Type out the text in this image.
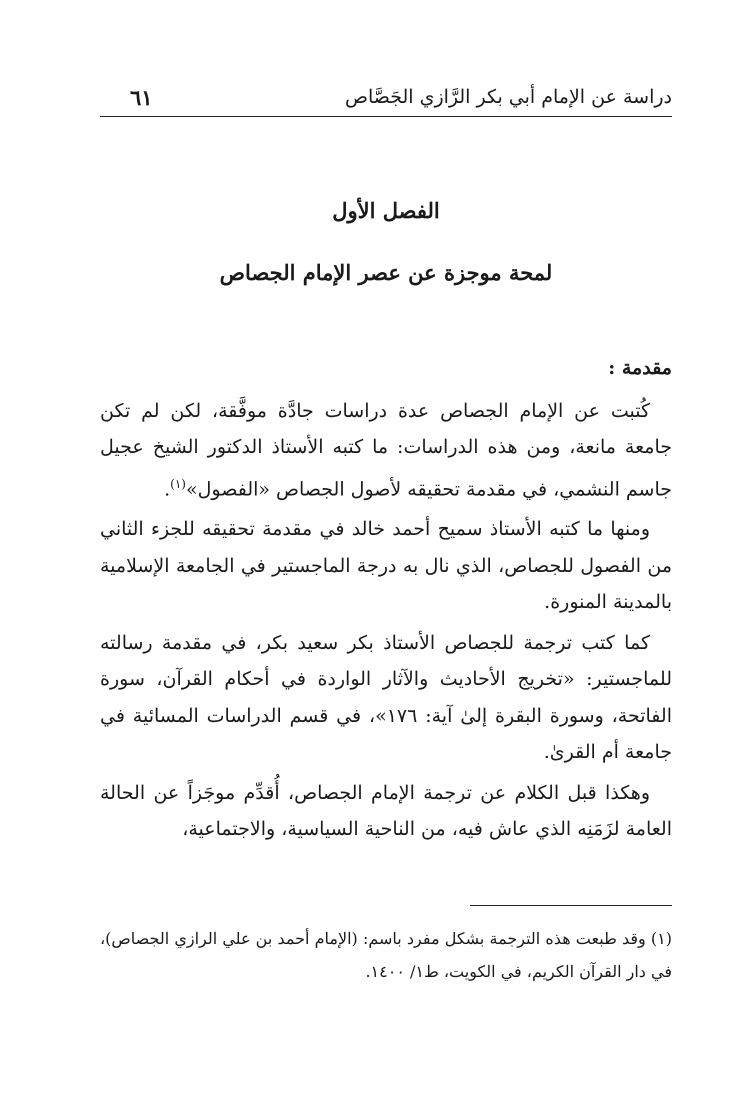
دراسة عن الإمام أبي بكر الرَّازي الجَصَّاص
٦١
الفصل الأول
لمحة موجزة عن عصر الإمام الجصاص
مقدمة :

كُتبت عن الإمام الجصاص عدة دراسات جادَّة موفَّقة، لكن لم تكن جامعة مانعة، ومن هذه الدراسات: ما كتبه الأستاذ الدكتور الشيخ عجيل جاسم النشمي، في مقدمة تحقيقه لأصول الجصاص «الفصول»$^{(١)}$.

ومنها ما كتبه الأستاذ سميح أحمد خالد في مقدمة تحقيقه للجزء الثاني من الفصول للجصاص، الذي نال به درجة الماجستير في الجامعة الإسلامية بالمدينة المنورة.

كما كتب ترجمة للجصاص الأستاذ بكر سعيد بكر، في مقدمة رسالته للماجستير: «تخريج الأحاديث والآثار الواردة في أحكام القرآن، سورة الفاتحة، وسورة البقرة إلىٰ آية: ١٧٦»، في قسم الدراسات المسائية في جامعة أم القرىٰ.

وهكذا قبل الكلام عن ترجمة الإمام الجصاص، أُقدِّم موجَزاً عن الحالة العامة لزَمَنِه الذي عاش فيه، من الناحية السياسية، والاجتماعية،

(١) وقد طبعت هذه الترجمة بشكل مفرد باسم: (الإمام أحمد بن علي الرازي الجصاص)، في دار القرآن الكريم، في الكويت، ط١/ ١٤٠٠.
